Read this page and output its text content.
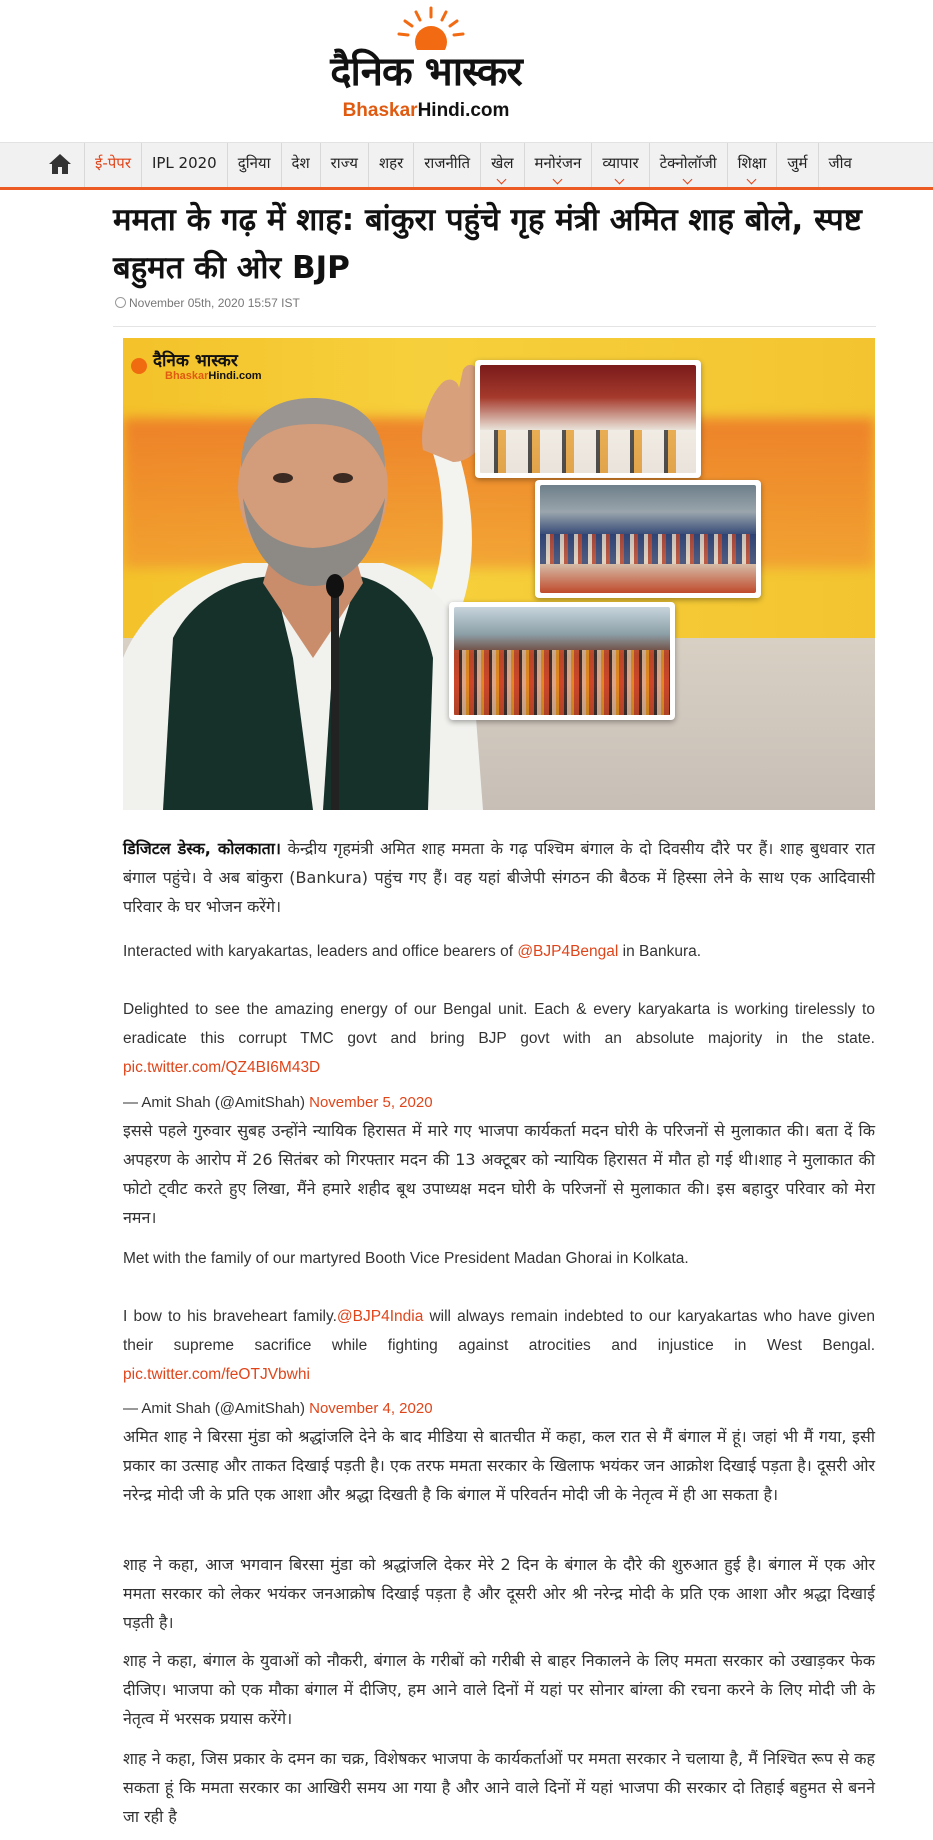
दैनिक भास्कर
BhaskarHindi.com
ई-पेपर IPL 2020 दुनिया देश राज्य शहर राजनीति खेल मनोरंजन व्यापार टेक्नोलॉजी शिक्षा जुर्म जीव
ममता के गढ़ में शाह: बांकुरा पहुंचे गृह मंत्री अमित शाह बोले, स्पष्ट बहुमत की ओर BJP
November 05th, 2020 15:57 IST
दैनिक भास्कर
BhaskarHindi.com

डिजिटल डेस्क, कोलकाता। केन्द्रीय गृहमंत्री अमित शाह ममता के गढ़ पश्चिम बंगाल के दो दिवसीय दौरे पर हैं। शाह बुधवार रात बंगाल पहुंचे। वे अब बांकुरा (Bankura) पहुंच गए हैं। वह यहां बीजेपी संगठन की बैठक में हिस्सा लेने के साथ एक आदिवासी परिवार के घर भोजन करेंगे।

Interacted with karyakartas, leaders and office bearers of @BJP4Bengal in Bankura.

Delighted to see the amazing energy of our Bengal unit. Each & every karyakarta is working tirelessly to eradicate this corrupt TMC govt and bring BJP govt with an absolute majority in the state. pic.twitter.com/QZ4BI6M43D

— Amit Shah (@AmitShah) November 5, 2020

इससे पहले गुरुवार सुबह उन्होंने न्यायिक हिरासत में मारे गए भाजपा कार्यकर्ता मदन घोरी के परिजनों से मुलाकात की। बता दें कि अपहरण के आरोप में 26 सितंबर को गिरफ्तार मदन की 13 अक्टूबर को न्यायिक हिरासत में मौत हो गई थी।शाह ने मुलाकात की फोटो ट्वीट करते हुए लिखा, मैंने हमारे शहीद बूथ उपाध्यक्ष मदन घोरी के परिजनों से मुलाकात की। इस बहादुर परिवार को मेरा नमन।

Met with the family of our martyred Booth Vice President Madan Ghorai in Kolkata.

I bow to his braveheart family.@BJP4India will always remain indebted to our karyakartas who have given their supreme sacrifice while fighting against atrocities and injustice in West Bengal. pic.twitter.com/feOTJVbwhi

— Amit Shah (@AmitShah) November 4, 2020

अमित शाह ने बिरसा मुंडा को श्रद्धांजलि देने के बाद मीडिया से बातचीत में कहा, कल रात से मैं बंगाल में हूं। जहां भी मैं गया, इसी प्रकार का उत्साह और ताकत दिखाई पड़ती है। एक तरफ ममता सरकार के खिलाफ भयंकर जन आक्रोश दिखाई पड़ता है। दूसरी ओर नरेन्द्र मोदी जी के प्रति एक आशा और श्रद्धा दिखती है कि बंगाल में परिवर्तन मोदी जी के नेतृत्व में ही आ सकता है।

शाह ने कहा, आज भगवान बिरसा मुंडा को श्रद्धांजलि देकर मेरे 2 दिन के बंगाल के दौरे की शुरुआत हुई है। बंगाल में एक ओर ममता सरकार को लेकर भयंकर जनआक्रोष दिखाई पड़ता है और दूसरी ओर श्री नरेन्द्र मोदी के प्रति एक आशा और श्रद्धा दिखाई पड़ती है।

शाह ने कहा, बंगाल के युवाओं को नौकरी, बंगाल के गरीबों को गरीबी से बाहर निकालने के लिए ममता सरकार को उखाड़कर फेक दीजिए। भाजपा को एक मौका बंगाल में दीजिए, हम आने वाले दिनों में यहां पर सोनार बांग्ला की रचना करने के लिए मोदी जी के नेतृत्व में भरसक प्रयास करेंगे।

शाह ने कहा, जिस प्रकार के दमन का चक्र, विशेषकर भाजपा के कार्यकर्ताओं पर ममता सरकार ने चलाया है, मैं निश्चित रूप से कह सकता हूं कि ममता सरकार का आखिरी समय आ गया है और आने वाले दिनों में यहां भाजपा की सरकार दो तिहाई बहुमत से बनने जा रही है
